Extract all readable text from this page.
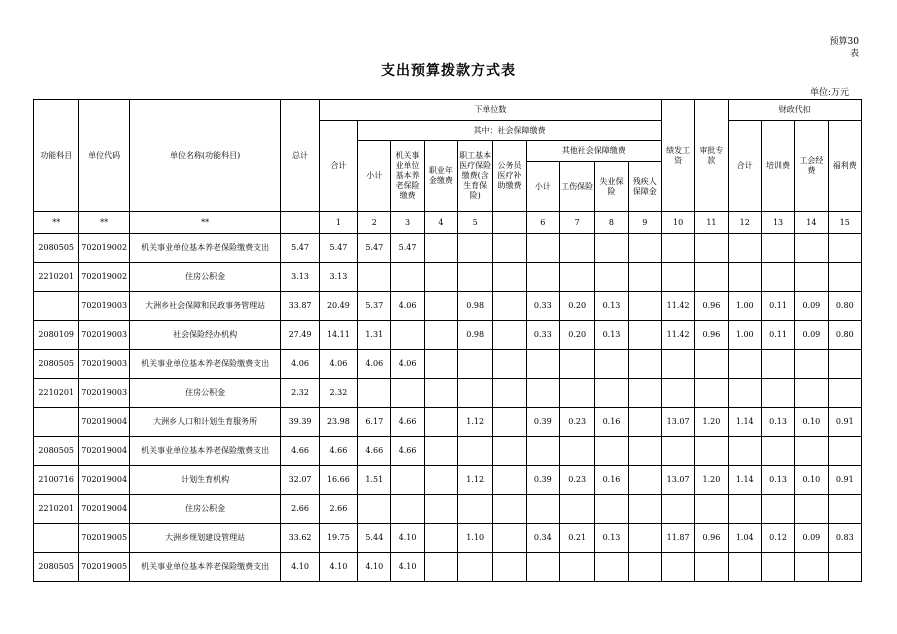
预算30
表
支出预算拨款方式表
单位:万元
功能科目	单位代码	单位名称(功能科目)	总计	下单位数										绩发工资	审批专款	财政代扣			
				合计	其中：社会保障缴费											合计	培训费	工会经费	福利费
					小计	机关事业单位基本养老保险缴费	职业年金缴费	职工基本医疗保险缴费(含生育保险)	公务员医疗补助缴费	其他社会保障缴费									
										小计	工伤保险	失业保险	残疾人保障金						
**	**	**		1	2	3	4	5		6	7	8	9	10	11	12	13	14	15
2080505	702019002	机关事业单位基本养老保险缴费支出	5.47	5.47	5.47	5.47													
2210201	702019002	住房公积金	3.13	3.13															
	702019003	大洲乡社会保障和民政事务管理站	33.87	20.49	5.37	4.06		0.98		0.33	0.20	0.13		11.42	0.96	1.00	0.11	0.09	0.80
2080109	702019003	社会保险经办机构	27.49	14.11	1.31			0.98		0.33	0.20	0.13		11.42	0.96	1.00	0.11	0.09	0.80
2080505	702019003	机关事业单位基本养老保险缴费支出	4.06	4.06	4.06	4.06													
2210201	702019003	住房公积金	2.32	2.32															
	702019004	大洲乡人口和计划生育服务所	39.39	23.98	6.17	4.66		1.12		0.39	0.23	0.16		13.07	1.20	1.14	0.13	0.10	0.91
2080505	702019004	机关事业单位基本养老保险缴费支出	4.66	4.66	4.66	4.66													
2100716	702019004	计划生育机构	32.07	16.66	1.51			1.12		0.39	0.23	0.16		13.07	1.20	1.14	0.13	0.10	0.91
2210201	702019004	住房公积金	2.66	2.66															
	702019005	大洲乡规划建设管理站	33.62	19.75	5.44	4.10		1.10		0.34	0.21	0.13		11.87	0.96	1.04	0.12	0.09	0.83
2080505	702019005	机关事业单位基本养老保险缴费支出	4.10	4.10	4.10	4.10													
